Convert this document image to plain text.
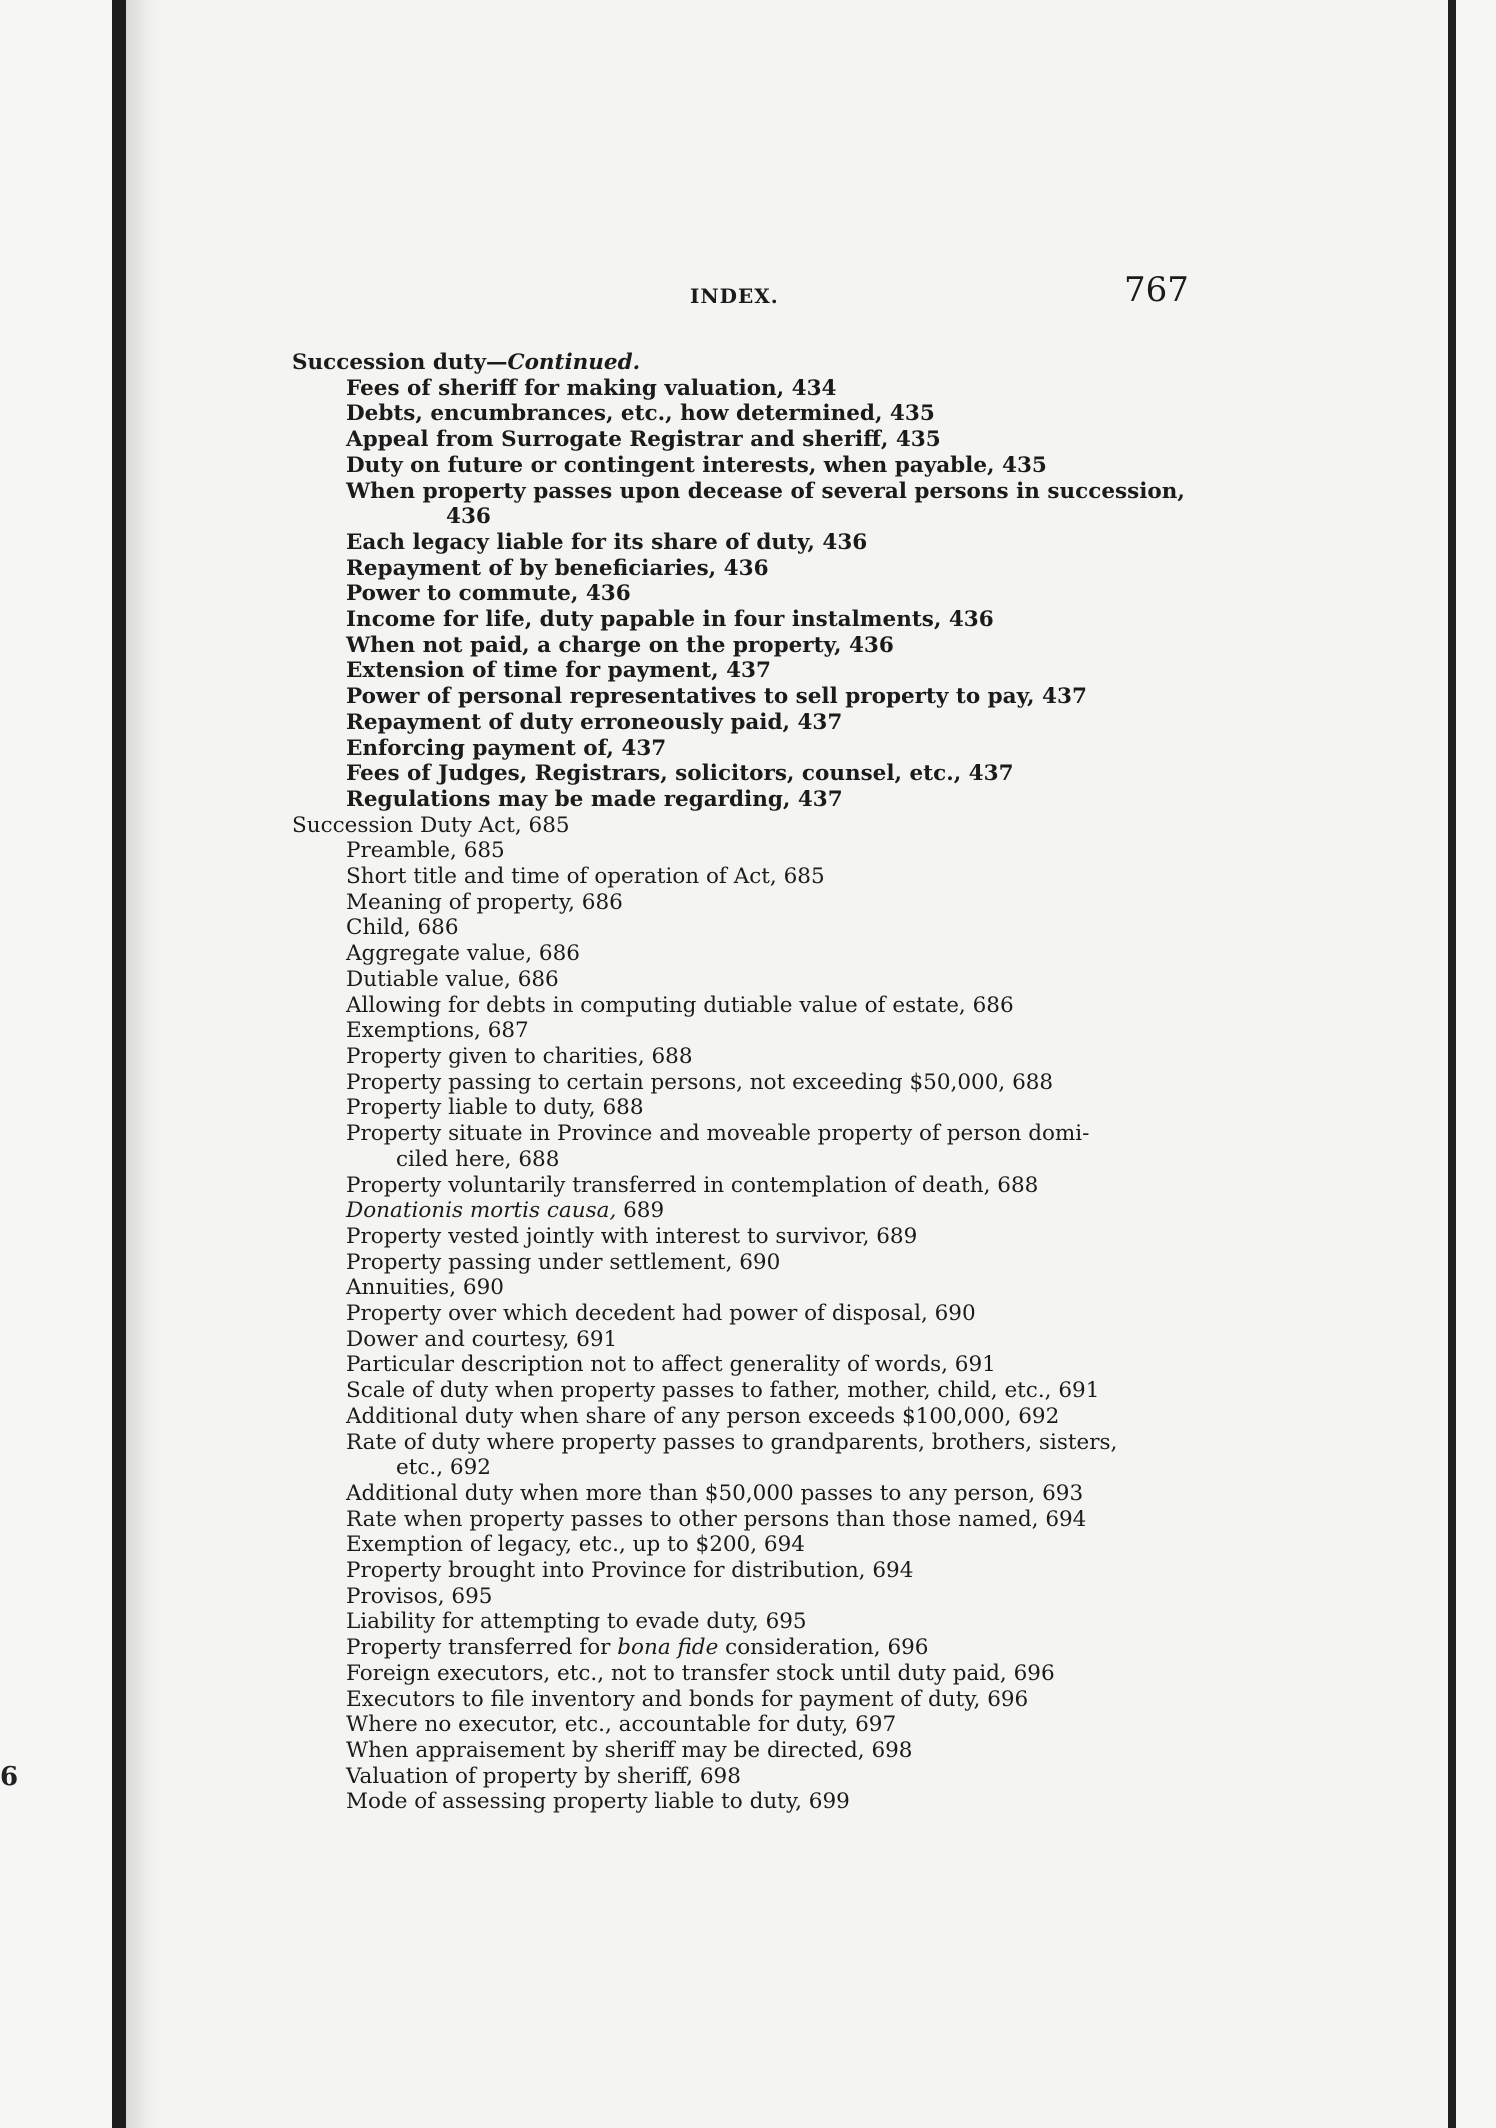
6
INDEX.	767
Succession duty—Continued.
Fees of sheriff for making valuation, 434
Debts, encumbrances, etc., how determined, 435
Appeal from Surrogate Registrar and sheriff, 435
Duty on future or contingent interests, when payable, 435
When property passes upon decease of several persons in succession,
436
Each legacy liable for its share of duty, 436
Repayment of by beneficiaries, 436
Power to commute, 436
Income for life, duty papable in four instalments, 436
When not paid, a charge on the property, 436
Extension of time for payment, 437
Power of personal representatives to sell property to pay, 437
Repayment of duty erroneously paid, 437
Enforcing payment of, 437
Fees of Judges, Registrars, solicitors, counsel, etc., 437
Regulations may be made regarding, 437
Succession Duty Act, 685
Preamble, 685
Short title and time of operation of Act, 685
Meaning of property, 686
Child, 686
Aggregate value, 686
Dutiable value, 686
Allowing for debts in computing dutiable value of estate, 686
Exemptions, 687
Property given to charities, 688
Property passing to certain persons, not exceeding $50,000, 688
Property liable to duty, 688
Property situate in Province and moveable property of person domi-
ciled here, 688
Property voluntarily transferred in contemplation of death, 688
Donationis mortis causa, 689
Property vested jointly with interest to survivor, 689
Property passing under settlement, 690
Annuities, 690
Property over which decedent had power of disposal, 690
Dower and courtesy, 691
Particular description not to affect generality of words, 691
Scale of duty when property passes to father, mother, child, etc., 691
Additional duty when share of any person exceeds $100,000, 692
Rate of duty where property passes to grandparents, brothers, sisters,
etc., 692
Additional duty when more than $50,000 passes to any person, 693
Rate when property passes to other persons than those named, 694
Exemption of legacy, etc., up to $200, 694
Property brought into Province for distribution, 694
Provisos, 695
Liability for attempting to evade duty, 695
Property transferred for bona fide consideration, 696
Foreign executors, etc., not to transfer stock until duty paid, 696
Executors to file inventory and bonds for payment of duty, 696
Where no executor, etc., accountable for duty, 697
When appraisement by sheriff may be directed, 698
Valuation of property by sheriff, 698
Mode of assessing property liable to duty, 699
